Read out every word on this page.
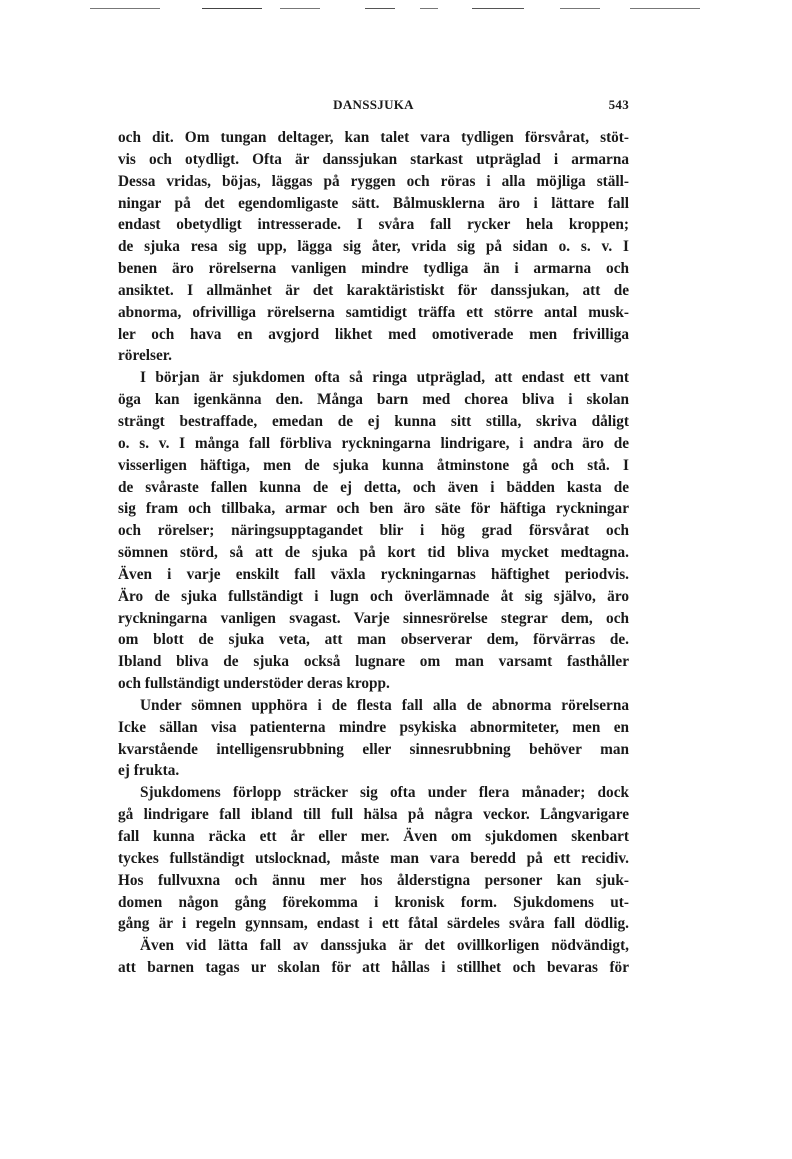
DANSSJUKA	543
och dit. Om tungan deltager, kan talet vara tydligen försvårat, stöt-
vis och otydligt. Ofta är danssjukan starkast utpräglad i armarna
Dessa vridas, böjas, läggas på ryggen och röras i alla möjliga ställ-
ningar på det egendomligaste sätt. Bålmusklerna äro i lättare fall
endast obetydligt intresserade. I svåra fall rycker hela kroppen;
de sjuka resa sig upp, lägga sig åter, vrida sig på sidan o. s. v. I
benen äro rörelserna vanligen mindre tydliga än i armarna och
ansiktet. I allmänhet är det karaktäristiskt för danssjukan, att de
abnorma, ofrivilliga rörelserna samtidigt träffa ett större antal musk-
ler och hava en avgjord likhet med omotiverade men frivilliga
rörelser.
I början är sjukdomen ofta så ringa utpräglad, att endast ett vant
öga kan igenkänna den. Många barn med chorea bliva i skolan
strängt bestraffade, emedan de ej kunna sitt stilla, skriva dåligt
o. s. v. I många fall förbliva ryckningarna lindrigare, i andra äro de
visserligen häftiga, men de sjuka kunna åtminstone gå och stå. I
de svåraste fallen kunna de ej detta, och även i bädden kasta de
sig fram och tillbaka, armar och ben äro säte för häftiga ryckningar
och rörelser; näringsupptagandet blir i hög grad försvårat och
sömnen störd, så att de sjuka på kort tid bliva mycket medtagna.
Även i varje enskilt fall växla ryckningarnas häftighet periodvis.
Äro de sjuka fullständigt i lugn och överlämnade åt sig självo, äro
ryckningarna vanligen svagast. Varje sinnesrörelse stegrar dem, och
om blott de sjuka veta, att man observerar dem, förvärras de.
Ibland bliva de sjuka också lugnare om man varsamt fasthåller
och fullständigt understöder deras kropp.
Under sömnen upphöra i de flesta fall alla de abnorma rörelserna
Icke sällan visa patienterna mindre psykiska abnormiteter, men en
kvarstående intelligensrubbning eller sinnesrubbning behöver man
ej frukta.
Sjukdomens förlopp sträcker sig ofta under flera månader; dock
gå lindrigare fall ibland till full hälsa på några veckor. Långvarigare
fall kunna räcka ett år eller mer. Även om sjukdomen skenbart
tyckes fullständigt utslocknad, måste man vara beredd på ett recidiv.
Hos fullvuxna och ännu mer hos ålderstigna personer kan sjuk-
domen någon gång förekomma i kronisk form. Sjukdomens ut-
gång är i regeln gynnsam, endast i ett fåtal särdeles svåra fall dödlig.
Även vid lätta fall av danssjuka är det ovillkorligen nödvändigt,
att barnen tagas ur skolan för att hållas i stillhet och bevaras för
